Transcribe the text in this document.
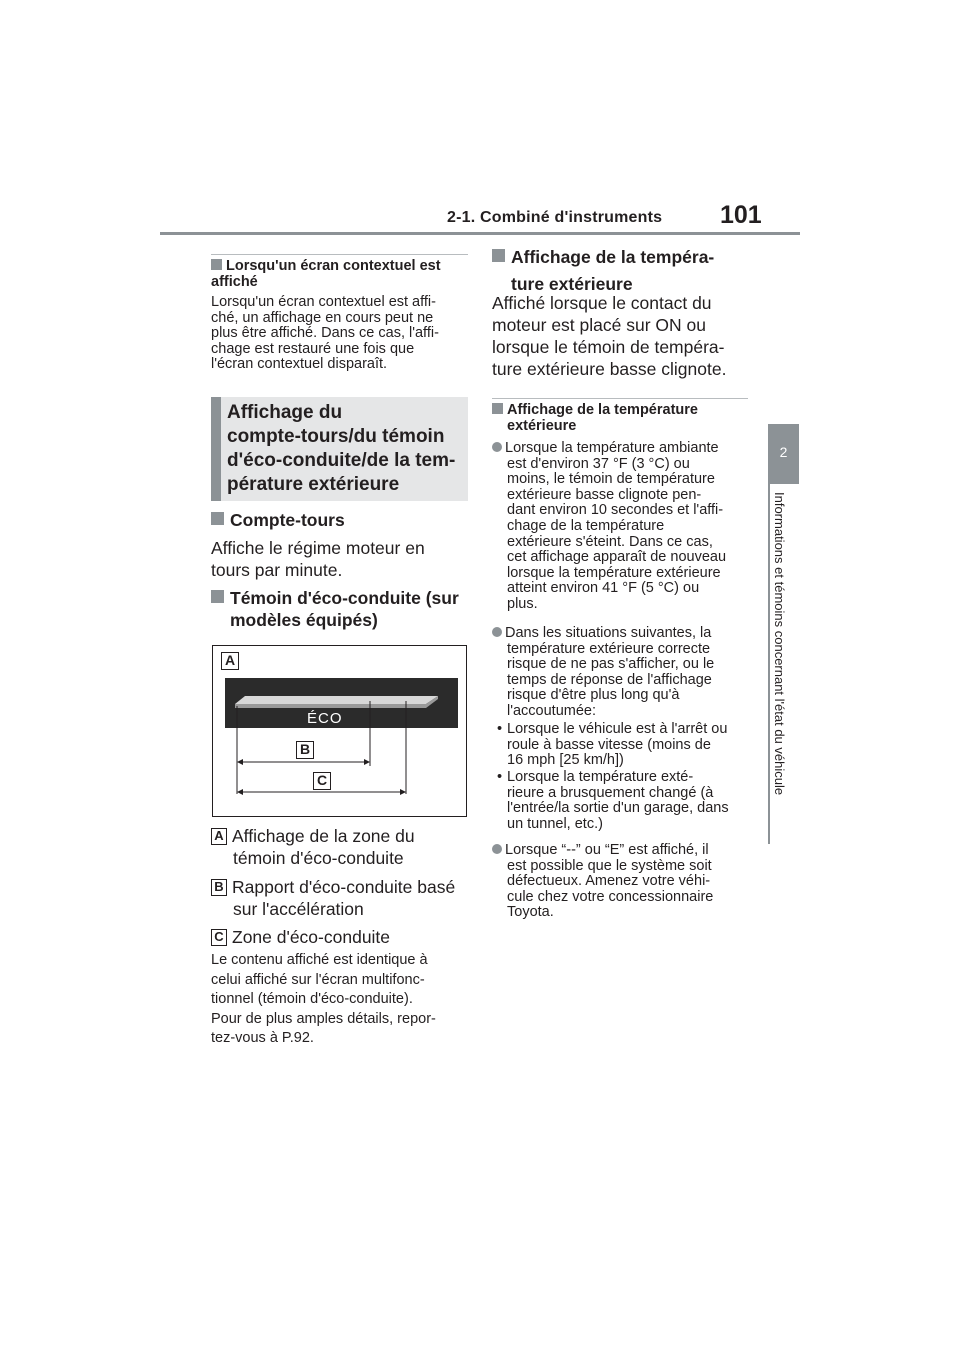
2-1. Combiné d'instruments 101
2
Informations et témoins concernant l'état du véhicule
Lorsqu'un écran contextuel est affiché
Lorsqu'un écran contextuel est affi-
ché, un affichage en cours peut ne
plus être affiché. Dans ce cas, l'affi-
chage est restauré une fois que
l'écran contextuel disparaît.
Affichage du
compte-tours/du témoin
d'éco-conduite/de la tem-
pérature extérieure
Compte-tours
Affiche le régime moteur en
tours par minute.
Témoin d'éco-conduite (sur
modèles équipés)
A
ÉCO
B
C
A Affichage de la zone du
témoin d'éco-conduite
B Rapport d'éco-conduite basé
sur l'accélération
C Zone d'éco-conduite
Le contenu affiché est identique à
celui affiché sur l'écran multifonc-
tionnel (témoin d'éco-conduite).
Pour de plus amples détails, repor-
tez-vous à P.92.
Affichage de la tempéra-
ture extérieure
Affiché lorsque le contact du
moteur est placé sur ON ou
lorsque le témoin de tempéra-
ture extérieure basse clignote.
Affichage de la température
extérieure
Lorsque la température ambiante
est d'environ 37 °F (3 °C) ou
moins, le témoin de température
extérieure basse clignote pen-
dant environ 10 secondes et l'affi-
chage de la température
extérieure s'éteint. Dans ce cas,
cet affichage apparaît de nouveau
lorsque la température extérieure
atteint environ 41 °F (5 °C) ou
plus.
Dans les situations suivantes, la
température extérieure correcte
risque de ne pas s'afficher, ou le
temps de réponse de l'affichage
risque d'être plus long qu'à
l'accoutumée:
• Lorsque le véhicule est à l'arrêt ou
roule à basse vitesse (moins de
16 mph [25 km/h])
• Lorsque la température exté-
rieure a brusquement changé (à
l'entrée/la sortie d'un garage, dans
un tunnel, etc.)
Lorsque “--” ou “E” est affiché, il
est possible que le système soit
défectueux. Amenez votre véhi-
cule chez votre concessionnaire
Toyota.
